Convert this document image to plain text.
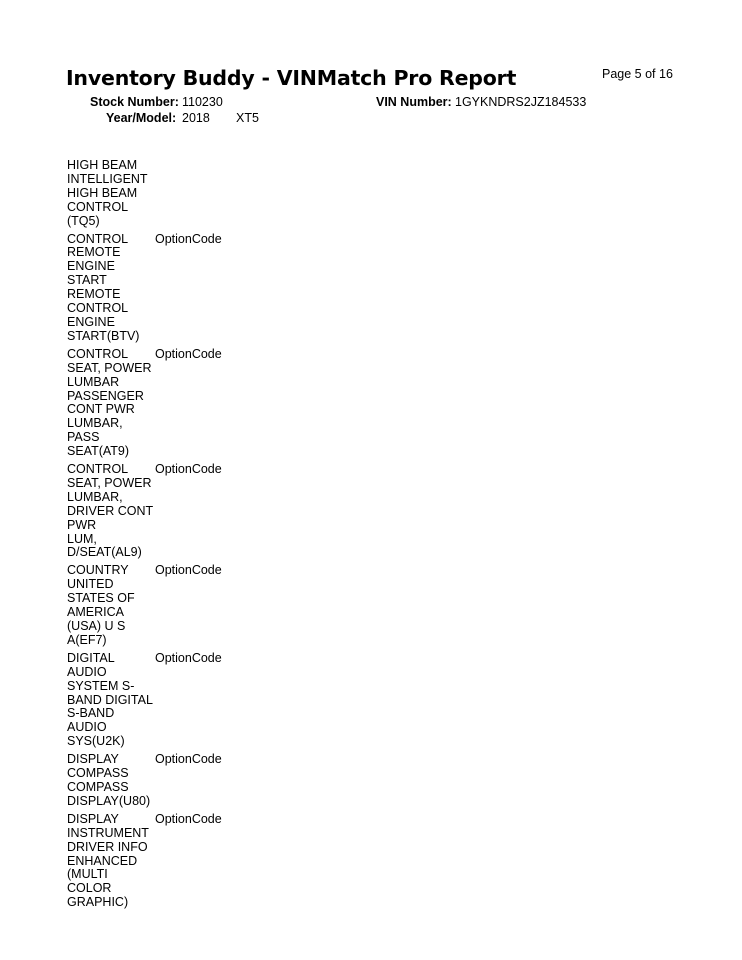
Inventory Buddy - VINMatch Pro Report	Page 5 of 16
Stock Number: 110230	VIN Number: 1GYKNDRS2JZ184533
Year/Model: 2018 XT5
HIGH BEAM
INTELLIGENT
HIGH BEAM
CONTROL
(TQ5)
CONTROL
REMOTE
ENGINE
START
REMOTE
CONTROL
ENGINE
START(BTV)
OptionCode
CONTROL
SEAT, POWER
LUMBAR
PASSENGER
CONT PWR
LUMBAR,
PASS
SEAT(AT9)
OptionCode
CONTROL
SEAT, POWER
LUMBAR,
DRIVER CONT
PWR
LUM,
D/SEAT(AL9)
OptionCode
COUNTRY
UNITED
STATES OF
AMERICA
(USA) U S
A(EF7)
OptionCode
DIGITAL
AUDIO
SYSTEM S-
BAND DIGITAL
S-BAND
AUDIO
SYS(U2K)
OptionCode
DISPLAY
COMPASS
COMPASS
DISPLAY(U80)
OptionCode
DISPLAY
INSTRUMENT
DRIVER INFO
ENHANCED
(MULTI
COLOR
GRAPHIC)
OptionCode
